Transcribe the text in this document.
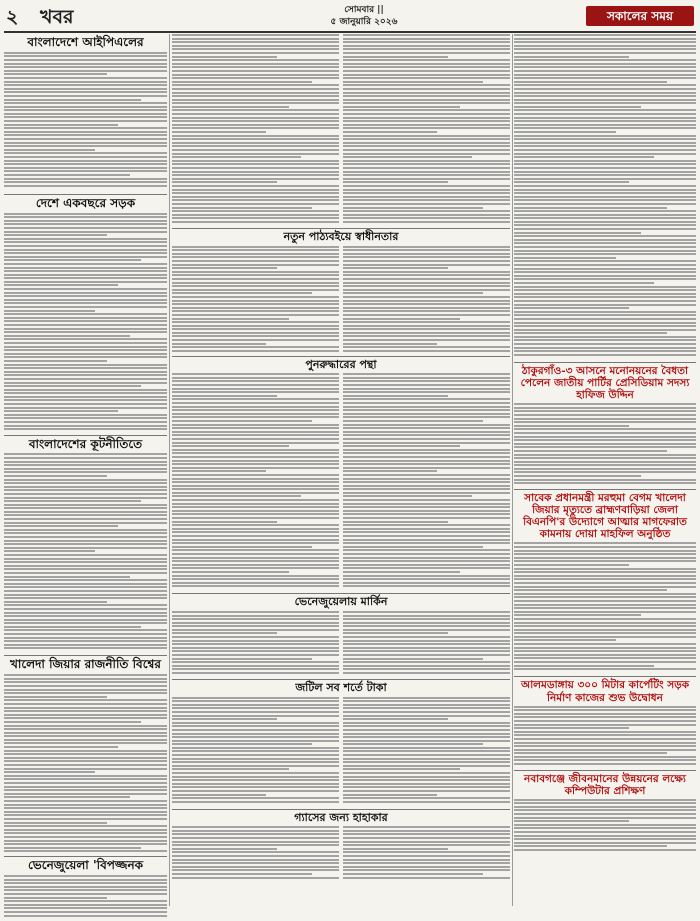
২ খবর	সোমবার ||
৫ জানুয়ারি ২০২৬	সকালের সময়
বাংলাদেশে আইপিএলের
দেশে একবছরে সড়ক
বাংলাদেশের কূটনীতিতে
খালেদা জিয়ার রাজনীতি বিশ্বের
ভেনেজুয়েলা 'বিপজ্জনক
নতুন পাঠ্যবইয়ে স্বাধীনতার
পুনরুদ্ধারের পন্থা
ভেনেজুয়েলায় মার্কিন
জটিল সব শর্তে টাকা
গ্যাসের জন্য হাহাকার
ঠাকুরগাঁও-৩ আসনে মনোনয়নের বৈধতা পেলেন জাতীয় পার্টির প্রেসিডিয়াম সদস্য হাফিজ উদ্দিন
সাবেক প্রধানমন্ত্রী মরহুমা বেগম খালেদা জিয়ার মৃত্যুতে ব্রাহ্মণবাড়িয়া জেলা বিএনপি'র উদ্যোগে আত্মার মাগফেরাত কামনায় দোয়া মাহফিল অনুষ্ঠিত
আলমডাঙ্গায় ৩০০ মিটার কার্পেটিং সড়ক নির্মাণ কাজের শুভ উদ্বোধন
নবাবগঞ্জে জীবনমানের উন্নয়নের লক্ষ্যে কম্পিউটার প্রশিক্ষণ
